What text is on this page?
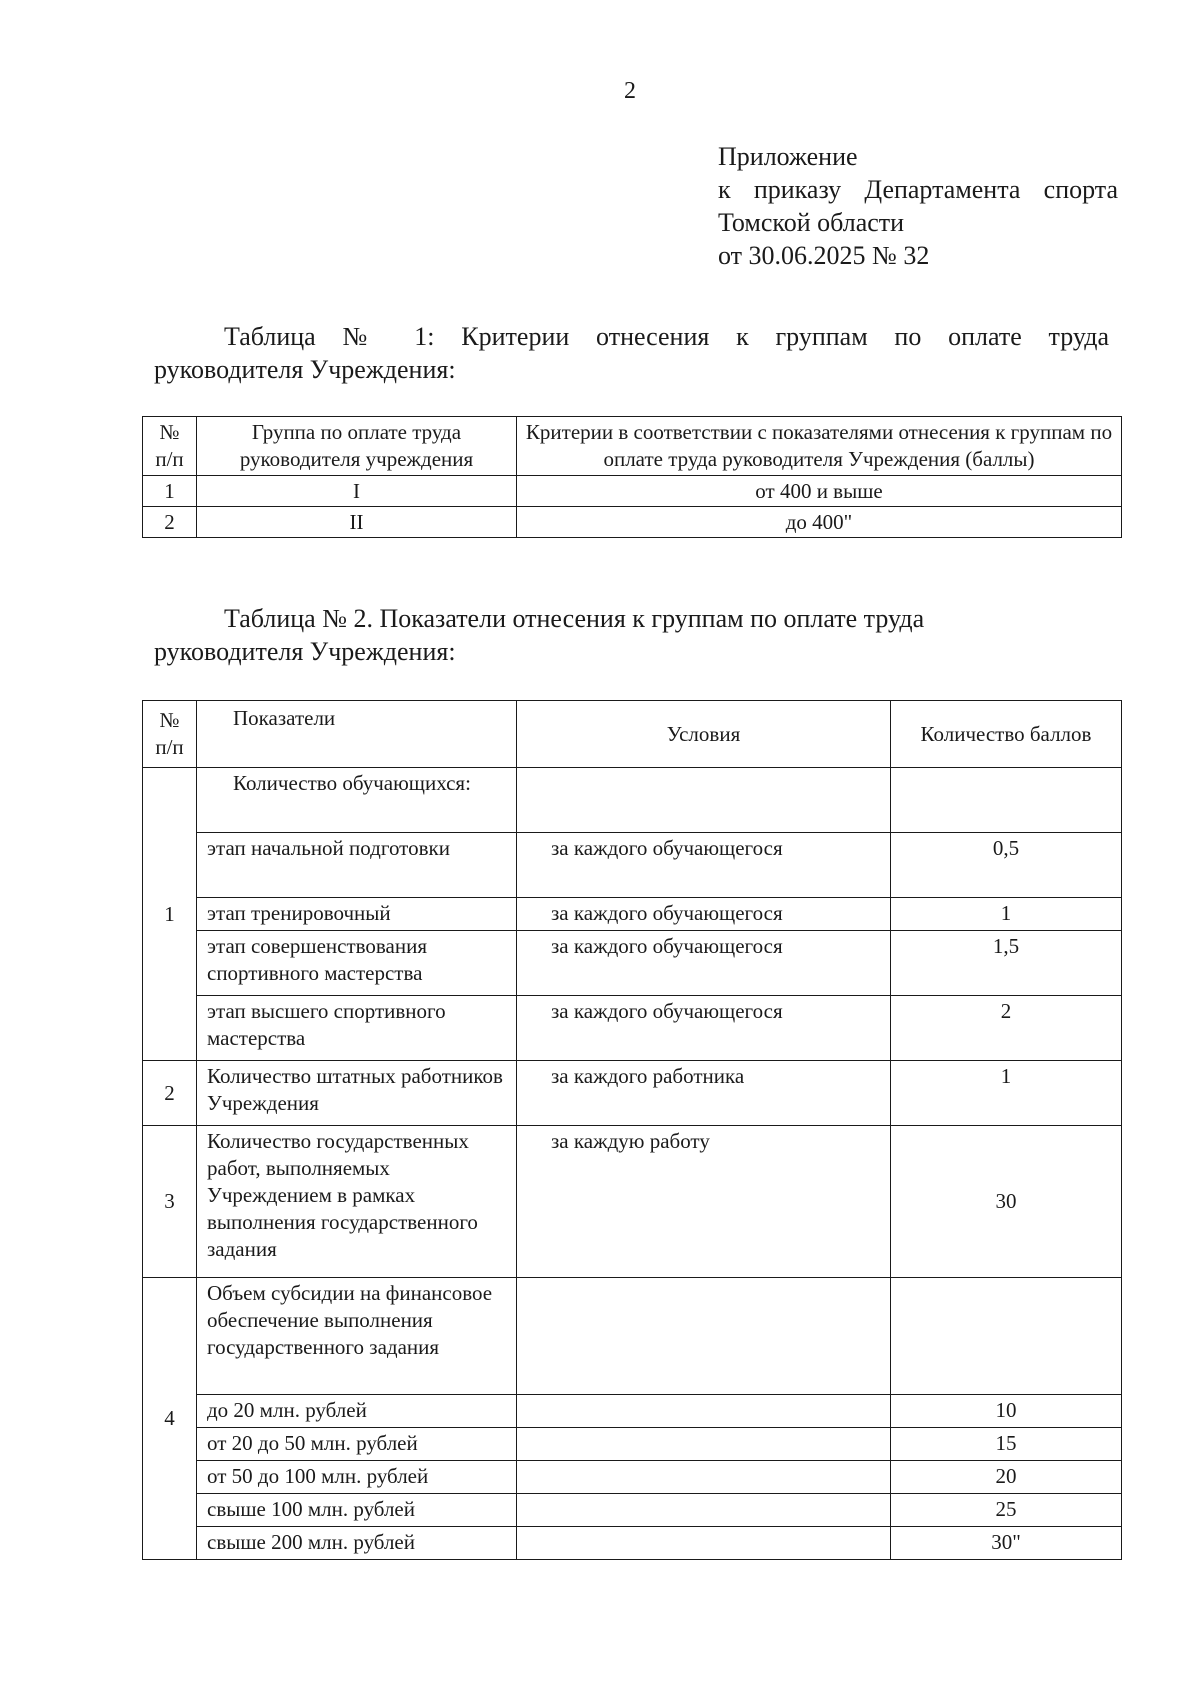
2
Приложение
к приказу Департамента спорта
Томской области
от 30.06.2025 № 32
Таблица № 1: Критерии отнесения к группам по оплате труда
руководителя Учреждения:
№ п/п	Группа по оплате труда руководителя учреждения	Критерии в соответствии с показателями отнесения к группам по оплате труда руководителя Учреждения (баллы)
1	I	от 400 и выше
2	II	до 400"
Таблица № 2. Показатели отнесения к группам по оплате труда
руководителя Учреждения:
№ п/п	Показатели	Условия	Количество баллов
1	Количество обучающихся:		
	этап начальной подготовки	за каждого обучающегося	0,5
	этап тренировочный	за каждого обучающегося	1
	этап совершенствования спортивного мастерства	за каждого обучающегося	1,5
	этап высшего спортивного мастерства	за каждого обучающегося	2
2	Количество штатных работников Учреждения	за каждого работника	1
3	Количество государственных работ, выполняемых Учреждением в рамках выполнения государственного задания	за каждую работу	30
4	Объем субсидии на финансовое обеспечение выполнения государственного задания		
	до 20 млн. рублей		10
	от 20 до 50 млн. рублей		15
	от 50 до 100 млн. рублей		20
	свыше 100 млн. рублей		25
	свыше 200 млн. рублей		30"
